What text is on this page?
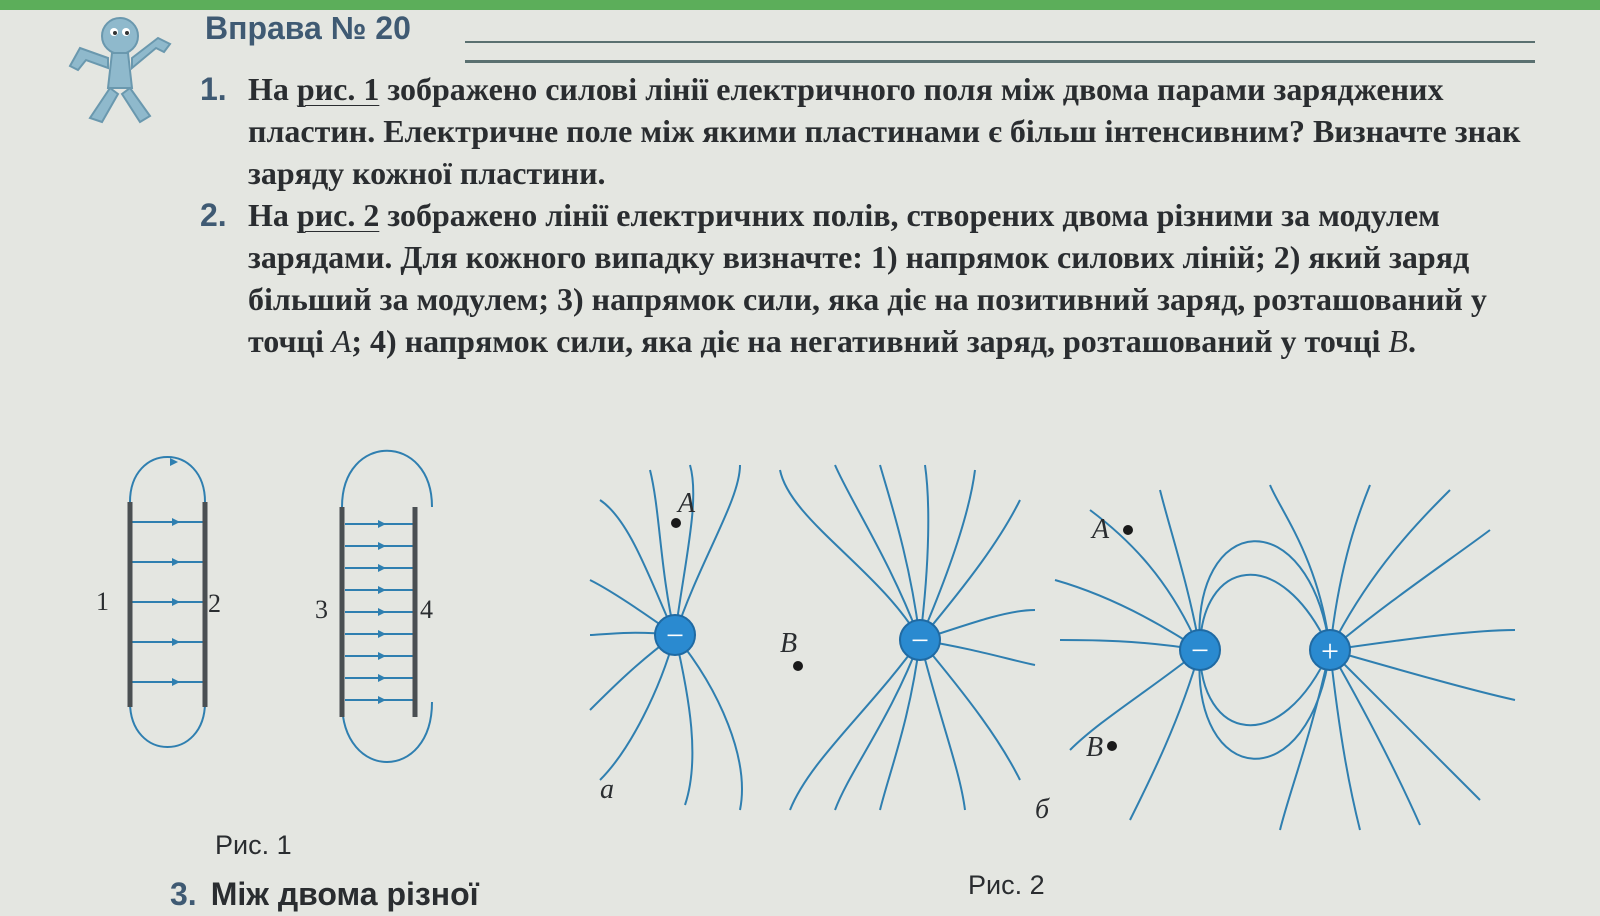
Вправа № 20
1. На рис. 1 зображено силові лінії електричного поля між двома парами заряджених пластин. Електричне поле між якими пластинами є більш інтенсивним? Визначте знак заряду кожної пластини.
2. На рис. 2 зображено лінії електричних полів, створених двома різними за модулем зарядами. Для кожного випадку визначте: 1) напрямок силових ліній; 2) який заряд більший за модулем; 3) напрямок сили, яка діє на позитивний заряд, розташований у точці A; 4) напрямок сили, яка діє на негативний заряд, розташований у точці B.
1	2	3	4
Рис. 1
−	−
A
B
а
−	+
A
B
б
Рис. 2
3. Між двома різної
